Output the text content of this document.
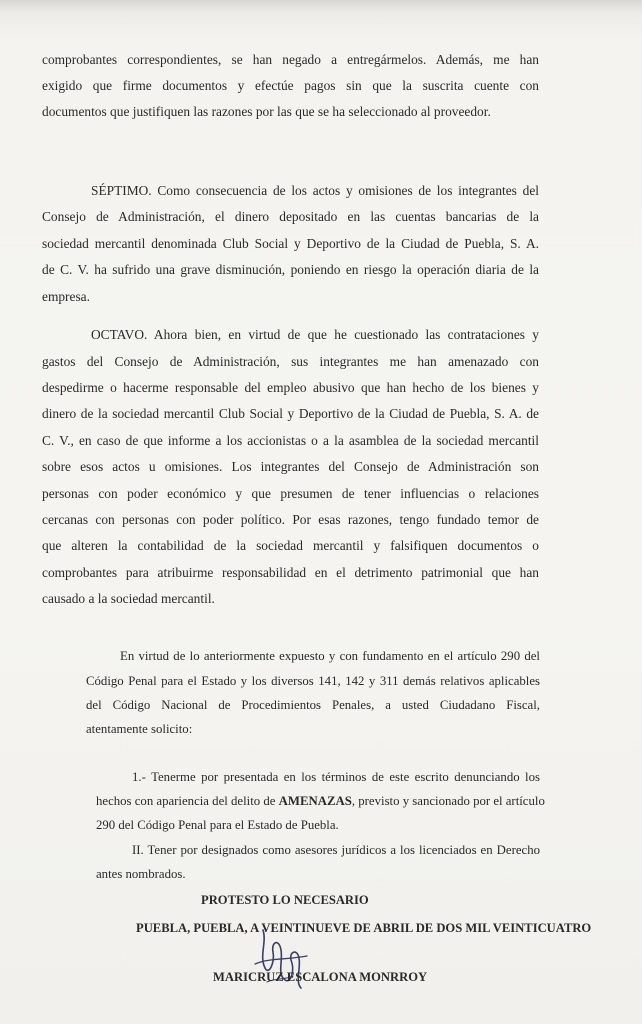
comprobantes correspondientes, se han negado a entregármelos. Además, me han
exigido que firme documentos y efectúe pagos sin que la suscrita cuente con
documentos que justifiquen las razones por las que se ha seleccionado al proveedor.
SÉPTIMO. Como consecuencia de los actos y omisiones de los integrantes del
Consejo de Administración, el dinero depositado en las cuentas bancarias de la
sociedad mercantil denominada Club Social y Deportivo de la Ciudad de Puebla, S. A.
de C. V. ha sufrido una grave disminución, poniendo en riesgo la operación diaria de la
empresa.
OCTAVO. Ahora bien, en virtud de que he cuestionado las contrataciones y
gastos del Consejo de Administración, sus integrantes me han amenazado con
despedirme o hacerme responsable del empleo abusivo que han hecho de los bienes y
dinero de la sociedad mercantil Club Social y Deportivo de la Ciudad de Puebla, S. A. de
C. V., en caso de que informe a los accionistas o a la asamblea de la sociedad mercantil
sobre esos actos u omisiones. Los integrantes del Consejo de Administración son
personas con poder económico y que presumen de tener influencias o relaciones
cercanas con personas con poder político. Por esas razones, tengo fundado temor de
que alteren la contabilidad de la sociedad mercantil y falsifiquen documentos o
comprobantes para atribuirme responsabilidad en el detrimento patrimonial que han
causado a la sociedad mercantil.
En virtud de lo anteriormente expuesto y con fundamento en el artículo 290 del
Código Penal para el Estado y los diversos 141, 142 y 311 demás relativos aplicables
del Código Nacional de Procedimientos Penales, a usted Ciudadano Fiscal,
atentamente solicito:
1.- Tenerme por presentada en los términos de este escrito denunciando los
hechos con apariencia del delito de AMENAZAS, previsto y sancionado por el artículo
290 del Código Penal para el Estado de Puebla.
II. Tener por designados como asesores jurídicos a los licenciados en Derecho
antes nombrados.
PROTESTO LO NECESARIO
PUEBLA, PUEBLA, A VEINTINUEVE DE ABRIL DE DOS MIL VEINTICUATRO
MARICRUZ ESCALONA MONRROY
